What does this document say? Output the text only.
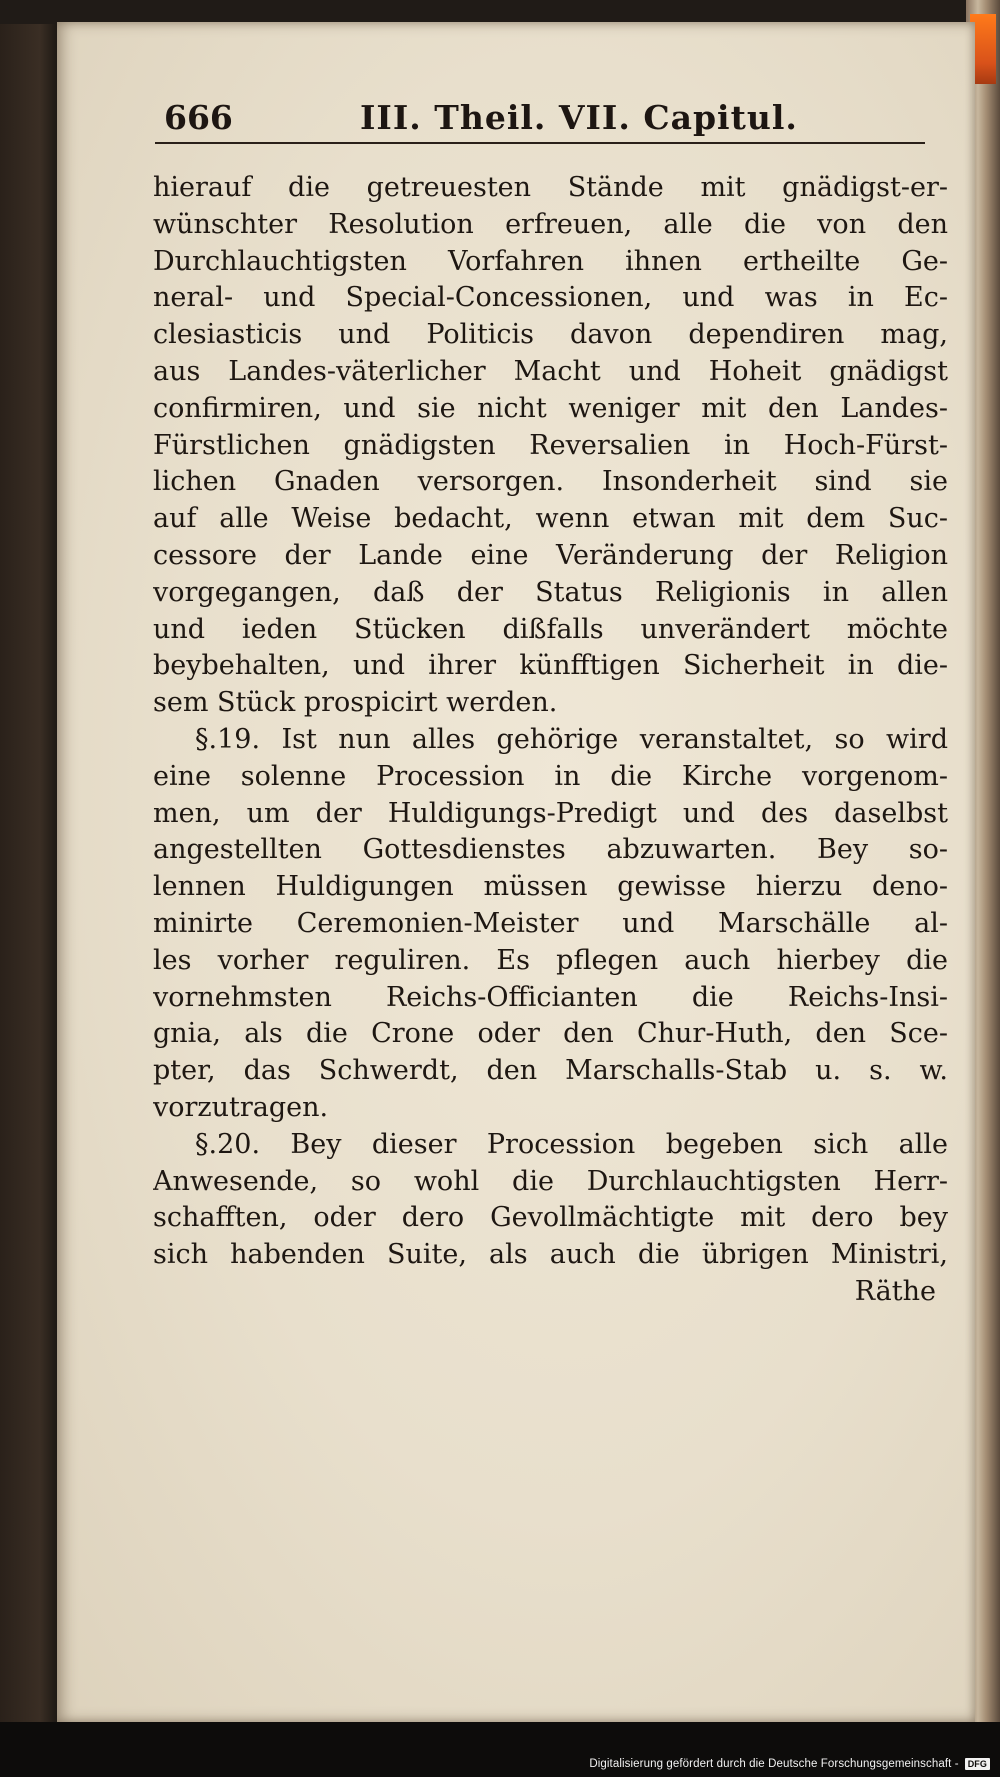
666	III. Theil. VII. Capitul.
hierauf die getreuesten Stände mit gnädigst-er-
wünschter Resolution erfreuen, alle die von den
Durchlauchtigsten Vorfahren ihnen ertheilte Ge-
neral- und Special-Concessionen, und was in Ec-
clesiasticis und Politicis davon dependiren mag,
aus Landes-väterlicher Macht und Hoheit gnädigst
confirmiren, und sie nicht weniger mit den Landes-
Fürstlichen gnädigsten Reversalien in Hoch-Fürst-
lichen Gnaden versorgen. Insonderheit sind sie
auf alle Weise bedacht, wenn etwan mit dem Suc-
cessore der Lande eine Veränderung der Religion
vorgegangen, daß der Status Religionis in allen
und ieden Stücken dißfalls unverändert möchte
beybehalten, und ihrer künfftigen Sicherheit in die-
sem Stück prospicirt werden.
§.19. Ist nun alles gehörige veranstaltet, so wird
eine solenne Procession in die Kirche vorgenom-
men, um der Huldigungs-Predigt und des daselbst
angestellten Gottesdienstes abzuwarten. Bey so-
lennen Huldigungen müssen gewisse hierzu deno-
minirte Ceremonien-Meister und Marschälle al-
les vorher reguliren. Es pflegen auch hierbey die
vornehmsten Reichs-Officianten die Reichs-Insi-
gnia, als die Crone oder den Chur-Huth, den Sce-
pter, das Schwerdt, den Marschalls-Stab u. s. w.
vorzutragen.
§.20. Bey dieser Procession begeben sich alle
Anwesende, so wohl die Durchlauchtigsten Herr-
schafften, oder dero Gevollmächtigte mit dero bey
sich habenden Suite, als auch die übrigen Ministri,
Räthe
Digitalisierung gefördert durch die Deutsche Forschungsgemeinschaft -	DFG
